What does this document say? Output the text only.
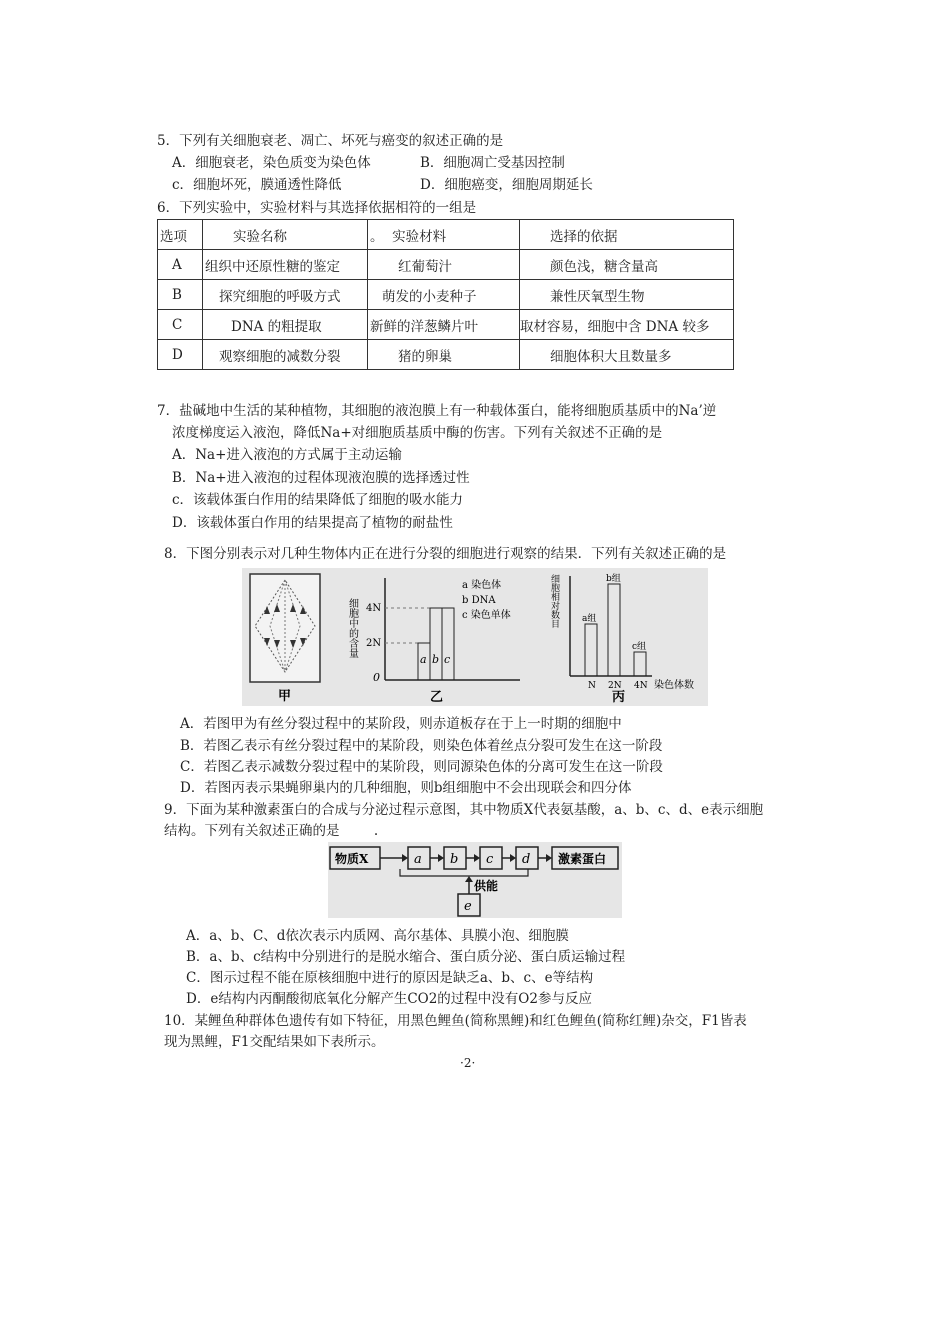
5．下列有关细胞衰老、凋亡、坏死与癌变的叙述正确的是
A．细胞衰老，染色质变为染色体	B．细胞凋亡受基因控制
c．细胞坏死，膜通透性降低	D．细胞癌变，细胞周期延长
6．下列实验中，实验材料与其选择依据相符的一组是
选项	实验名称	。  实验材料	选择的依据
A	组织中还原性糖的鉴定	红葡萄汁	颜色浅，糖含量高
B	探究细胞的呼吸方式	萌发的小麦种子	兼性厌氧型生物
C	DNA 的粗提取	新鲜的洋葱鳞片叶	取材容易，细胞中含 DNA 较多
D	观察细胞的减数分裂	猪的卵巢	细胞体积大且数量多
7．盐碱地中生活的某种植物，其细胞的液泡膜上有一种载体蛋白，能将细胞质基质中的Na’逆
浓度梯度运入液泡，降低Na+对细胞质基质中酶的伤害。下列有关叙述不正确的是
A．Na+进入液泡的方式属于主动运输
B．Na+进入液泡的过程体现液泡膜的选择透过性
c．该载体蛋白作用的结果降低了细胞的吸水能力
D．该载体蛋白作用的结果提高了植物的耐盐性
8．下图分别表示对几种生物体内正在进行分裂的细胞进行观察的结果．下列有关叙述正确的是
甲
细胞中的含量 4N
2N
0
a b c
a 染色体
b DNA
c 染色单体
乙
细胞相对数目	a组
b组
c组
N 2N 4N 染色体数
丙
A．若图甲为有丝分裂过程中的某阶段，则赤道板存在于上一时期的细胞中
B．若图乙表示有丝分裂过程中的某阶段，则染色体着丝点分裂可发生在这一阶段
C．若图乙表示减数分裂过程中的某阶段，则同源染色体的分离可发生在这一阶段
D．若图丙表示果蝇卵巢内的几种细胞，则b组细胞中不会出现联会和四分体
9．下面为某种激素蛋白的合成与分泌过程示意图，其中物质X代表氨基酸，a、b、c、d、e表示细胞
结构。下列有关叙述正确的是        .
物质X	a b c d 激素蛋白
供能
e
A．a、b、C、d依次表示内质网、高尔基体、具膜小泡、细胞膜
B．a、b、c结构中分别进行的是脱水缩合、蛋白质分泌、蛋白质运输过程
C．图示过程不能在原核细胞中进行的原因是缺乏a、b、c、e等结构
D．e结构内丙酮酸彻底氧化分解产生CO2的过程中没有O2参与反应
10．某鲤鱼种群体色遗传有如下特征，用黑色鲤鱼(简称黑鲤)和红色鲤鱼(简称红鲤)杂交，F1皆表
现为黑鲤，F1交配结果如下表所示。
·2·
